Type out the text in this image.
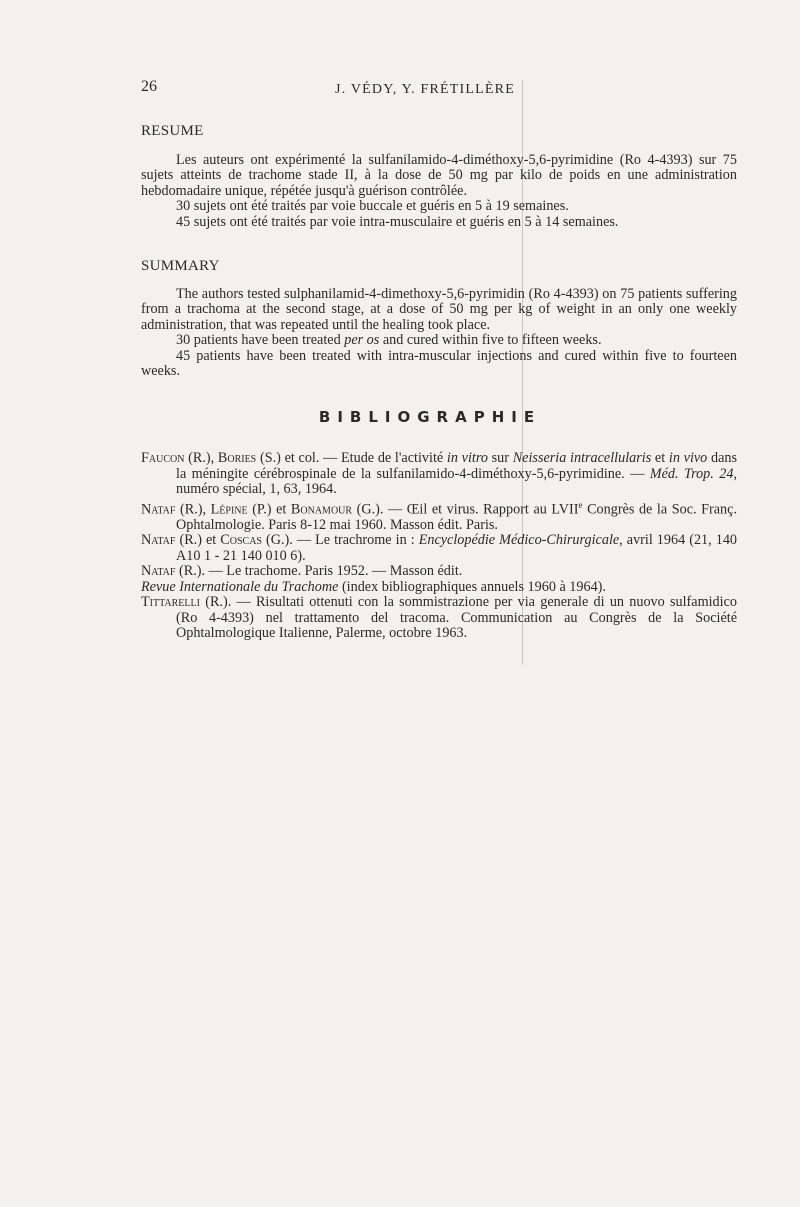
26	J. VÉDY, Y. FRÉTILLÈRE
RESUME

Les auteurs ont expérimenté la sulfanilamido-4-diméthoxy-5,6-pyrimidine (Ro 4-4393) sur 75 sujets atteints de trachome stade II, à la dose de 50 mg par kilo de poids en une administration hebdomadaire unique, répétée jusqu'à guérison contrôlée.

30 sujets ont été traités par voie buccale et guéris en 5 à 19 semaines.

45 sujets ont été traités par voie intra-musculaire et guéris en 5 à 14 semaines.

SUMMARY

The authors tested sulphanilamid-4-dimethoxy-5,6-pyrimidin (Ro 4-4393) on 75 patients suffering from a trachoma at the second stage, at a dose of 50 mg per kg of weight in an only one weekly administration, that was repeated until the healing took place.

30 patients have been treated per os and cured within five to fifteen weeks.

45 patients have been treated with intra-muscular injections and cured within five to fourteen weeks.

BIBLIOGRAPHIE

Faucon (R.), Bories (S.) et col. — Etude de l'activité in vitro sur Neisseria intracellularis et in vivo dans la méningite cérébrospinale de la sulfanilamido-4-diméthoxy-5,6-pyrimidine. — Méd. Trop. 24, numéro spécial, 1, 63, 1964.

Nataf (R.), Lépine (P.) et Bonamour (G.). — Œil et virus. Rapport au LVIIe Congrès de la Soc. Franç. Ophtalmologie. Paris 8-12 mai 1960. Masson édit. Paris.

Nataf (R.) et Coscas (G.). — Le trachrome in : Encyclopédie Médico-Chirurgicale, avril 1964 (21, 140 A10 1 - 21 140 010 6).

Nataf (R.). — Le trachome. Paris 1952. — Masson édit.

Revue Internationale du Trachome (index bibliographiques annuels 1960 à 1964).

Tittarelli (R.). — Risultati ottenuti con la sommistrazione per via generale di un nuovo sulfamidico (Ro 4-4393) nel trattamento del tracoma. Communication au Congrès de la Société Ophtalmologique Italienne, Palerme, octobre 1963.
